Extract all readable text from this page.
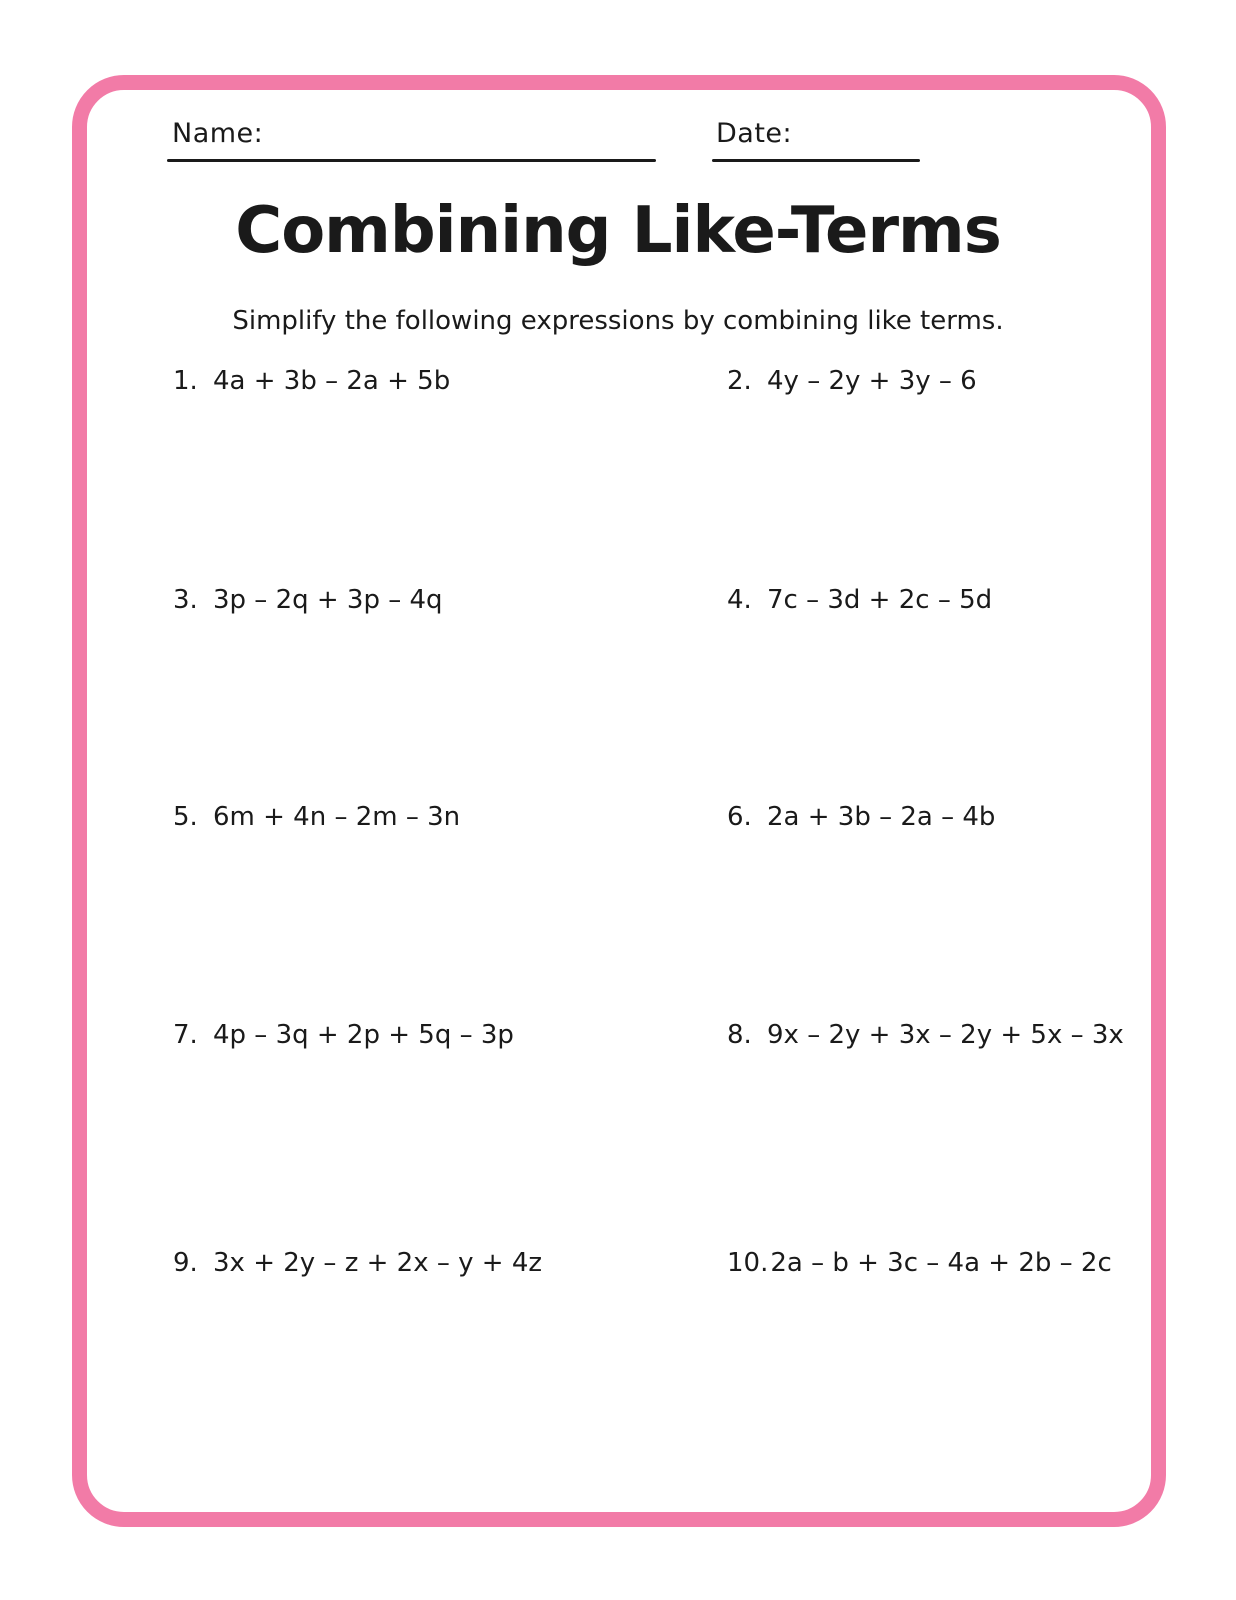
Name:	Date:
Combining Like-Terms
Simplify the following expressions by combining like terms.
1. 4a + 3b – 2a + 5b	2. 4y – 2y + 3y – 6
3. 3p – 2q + 3p – 4q	4. 7c – 3d + 2c – 5d
5. 6m + 4n – 2m – 3n	6. 2a + 3b – 2a – 4b
7. 4p – 3q + 2p + 5q – 3p	8. 9x – 2y + 3x – 2y + 5x – 3x
9. 3x + 2y – z + 2x – y + 4z	10. 2a – b + 3c – 4a + 2b – 2c
